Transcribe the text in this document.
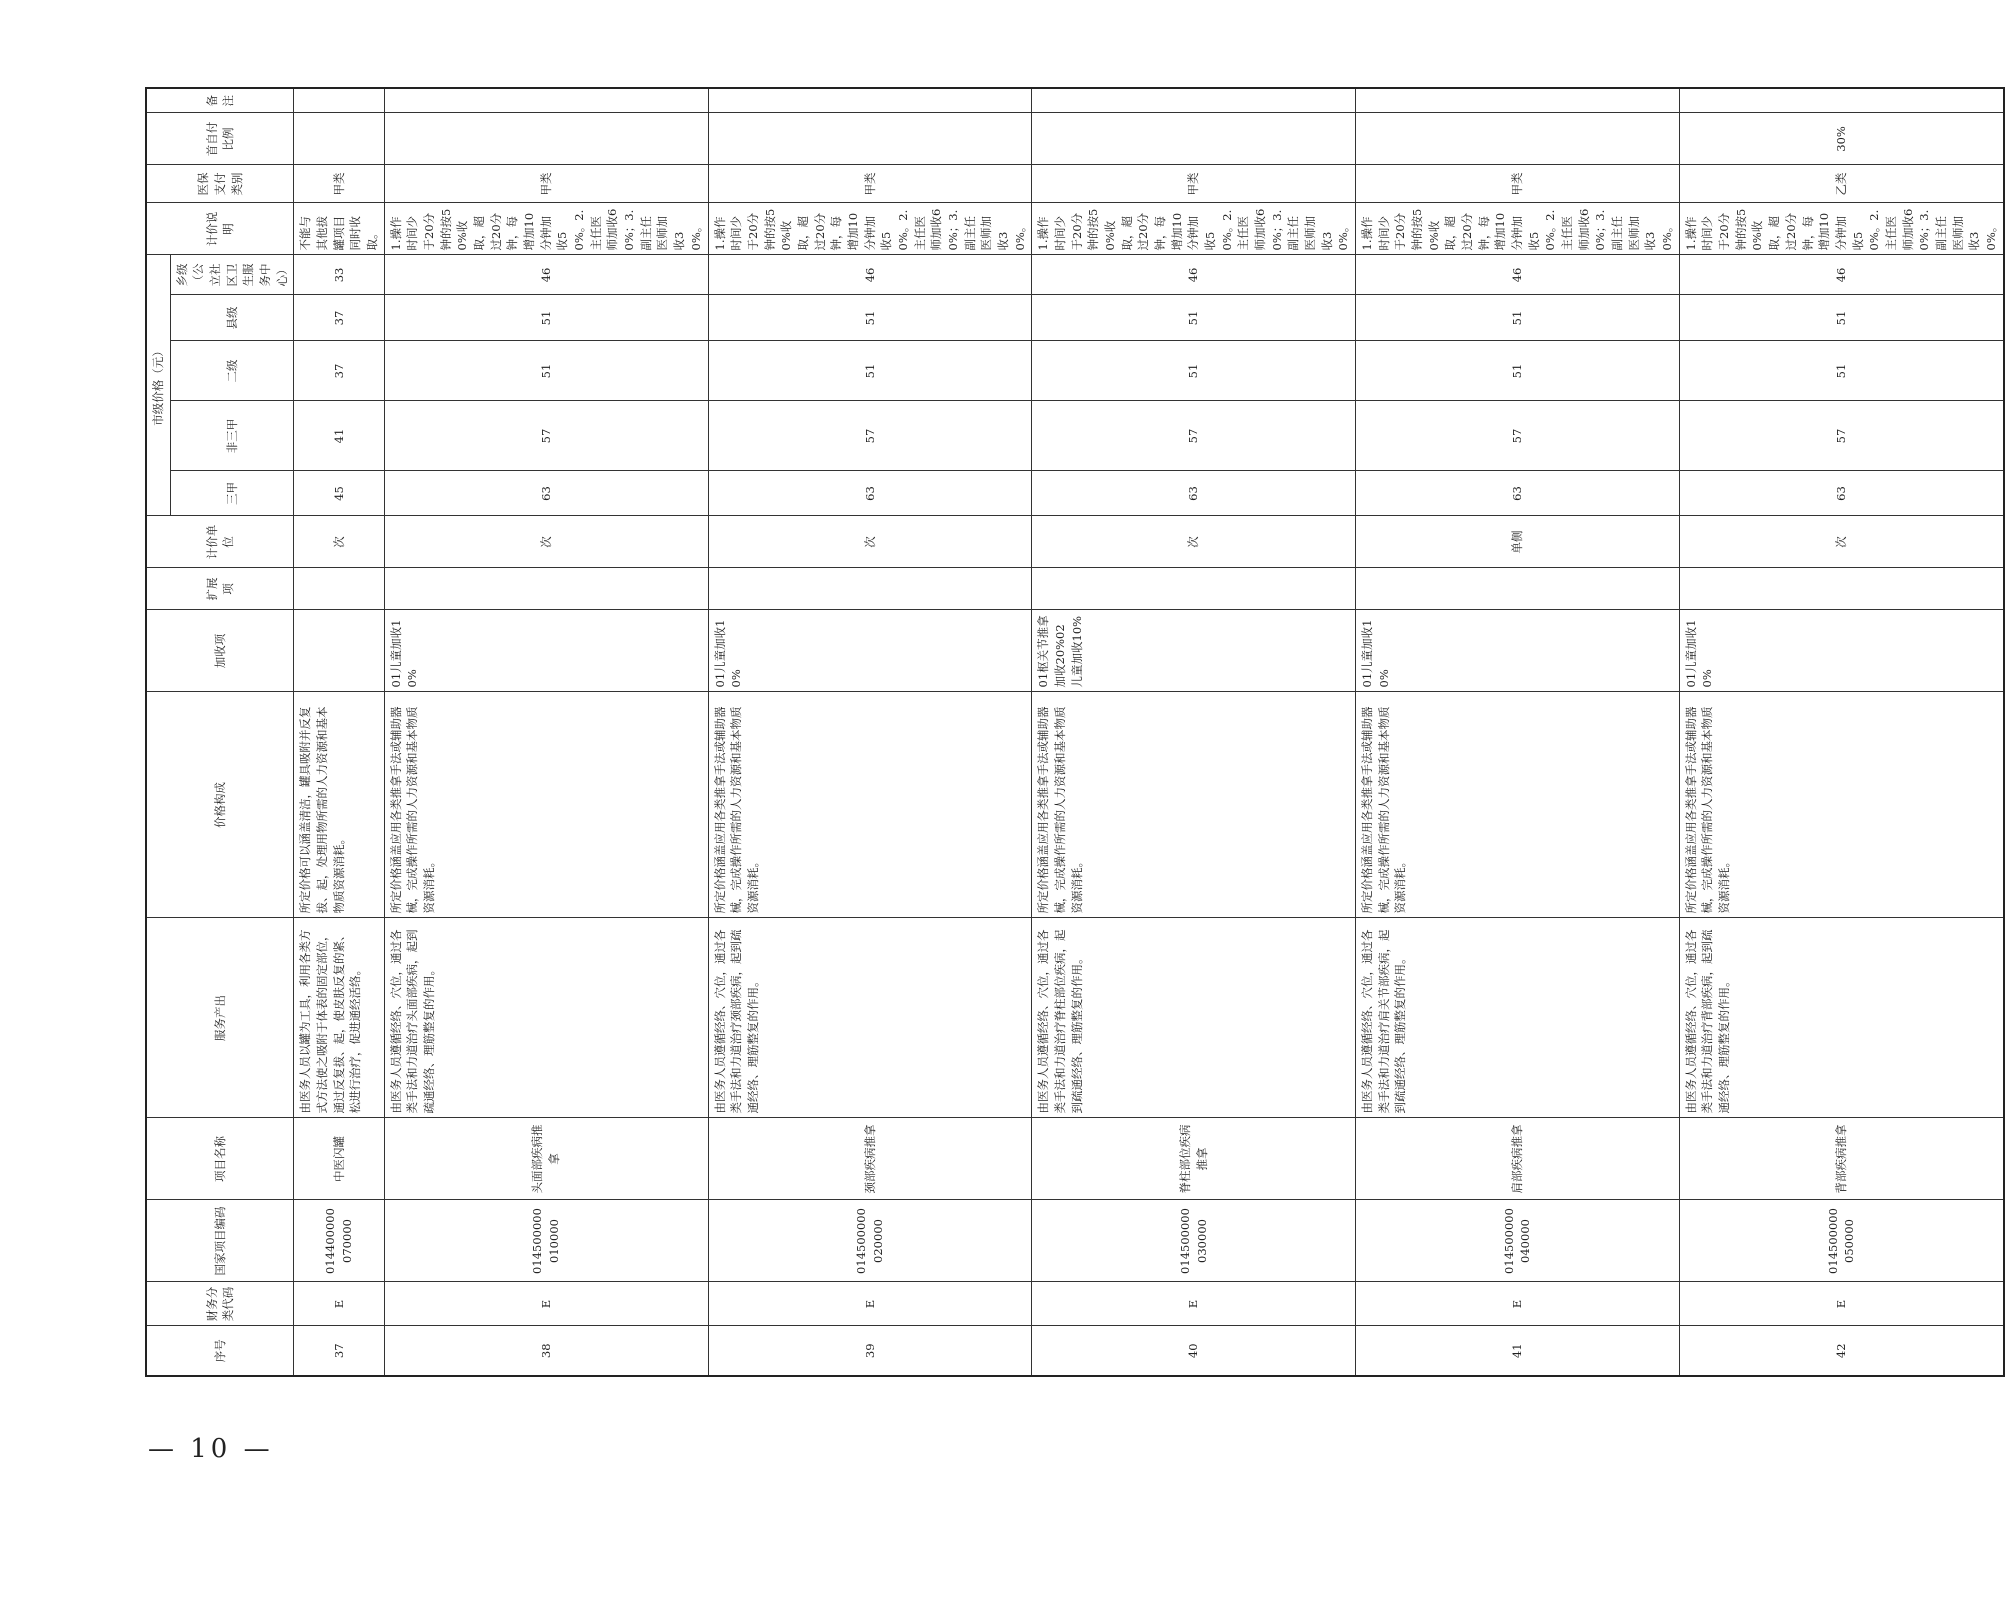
序号	财务分类代码	国家项目编码	项目名称	服务产出	价格构成	加收项	扩展项	计价单位	市级价格（元）					计价说明	医保支付类别	首自付比例	备注
									三甲	非三甲	二级	县级	乡级（公立社区卫生服务中心）				
37	E	014400000070000	中医闪罐	由医务人员以罐为工具，利用各类方式方法使之吸附于体表的固定部位，通过反复拔、起，使皮肤反复的紧、松进行治疗，促进通经活络。	所定价格可以涵盖清洁，罐具吸附并反复拔、起，处理用物所需的人力资源和基本物质资源消耗。			次	45	41	37	37	33	不能与其他拔罐项目同时收取。	甲类		
38	E	014500000010000	头面部疾病推拿	由医务人员遵循经络、穴位，通过各类手法和力道治疗头面部疾病，起到疏通经络、理筋整复的作用。	所定价格涵盖应用各类推拿手法或辅助器械，完成操作所需的人力资源和基本物质资源消耗。	01儿童加收10%		次	63	57	51	51	46	1.操作时间少于20分钟的按50%收取，超过20分钟，每增加10分钟加收50%。2.主任医师加收60%；3.副主任医师加收30%。	甲类		
39	E	014500000020000	颈部疾病推拿	由医务人员遵循经络、穴位，通过各类手法和力道治疗颈部疾病，起到疏通经络、理筋整复的作用。	所定价格涵盖应用各类推拿手法或辅助器械，完成操作所需的人力资源和基本物质资源消耗。	01儿童加收10%		次	63	57	51	51	46	1.操作时间少于20分钟的按50%收取，超过20分钟，每增加10分钟加收50%。2.主任医师加收60%；3.副主任医师加收30%。	甲类		
40	E	014500000030000	脊柱部位疾病推拿	由医务人员遵循经络、穴位，通过各类手法和力道治疗脊柱部位疾病，起到疏通经络、理筋整复的作用。	所定价格涵盖应用各类推拿手法或辅助器械，完成操作所需的人力资源和基本物质资源消耗。	01枢关节推拿加收20%02儿童加收10%		次	63	57	51	51	46	1.操作时间少于20分钟的按50%收取，超过20分钟，每增加10分钟加收50%。2.主任医师加收60%；3.副主任医师加收30%。	甲类		
41	E	014500000040000	肩部疾病推拿	由医务人员遵循经络、穴位，通过各类手法和力道治疗肩关节部疾病，起到疏通经络、理筋整复的作用。	所定价格涵盖应用各类推拿手法或辅助器械，完成操作所需的人力资源和基本物质资源消耗。	01儿童加收10%		单侧	63	57	51	51	46	1.操作时间少于20分钟的按50%收取，超过20分钟，每增加10分钟加收50%。2.主任医师加收60%；3.副主任医师加收30%。	甲类		
42	E	014500000050000	背部疾病推拿	由医务人员遵循经络、穴位，通过各类手法和力道治疗背部疾病，起到疏通经络、理筋整复的作用。	所定价格涵盖应用各类推拿手法或辅助器械，完成操作所需的人力资源和基本物质资源消耗。	01儿童加收10%		次	63	57	51	51	46	1.操作时间少于20分钟的按50%收取，超过20分钟，每增加10分钟加收50%。2.主任医师加收60%；3.副主任医师加收30%。	乙类	30%	
— 10 —
